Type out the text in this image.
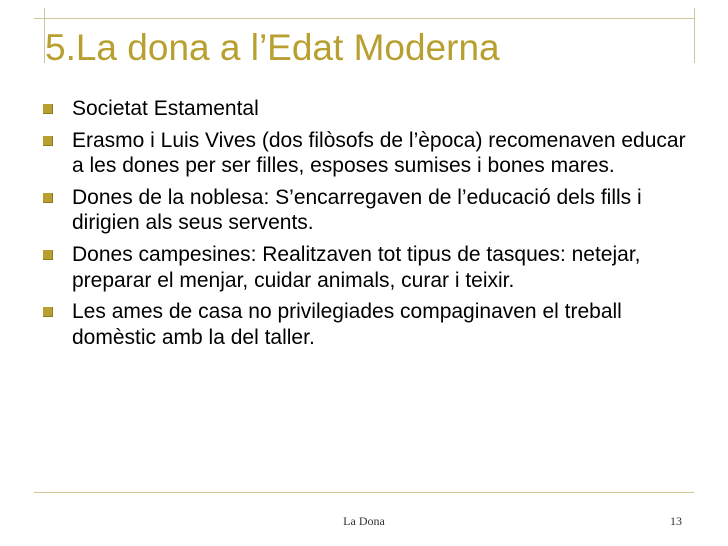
5.La dona a l’Edat Moderna
Societat Estamental
Erasmo i Luis Vives (dos filòsofs de l’època) recomenaven educar a les dones per ser filles, esposes sumises i bones mares.
Dones de la noblesa: S’encarregaven de l’educació dels fills i dirigien als seus servents.
Dones campesines: Realitzaven tot tipus de tasques: netejar, preparar el menjar, cuidar animals, curar i teixir.
Les ames de casa no privilegiades compaginaven el treball domèstic amb la del taller.
La Dona	13
